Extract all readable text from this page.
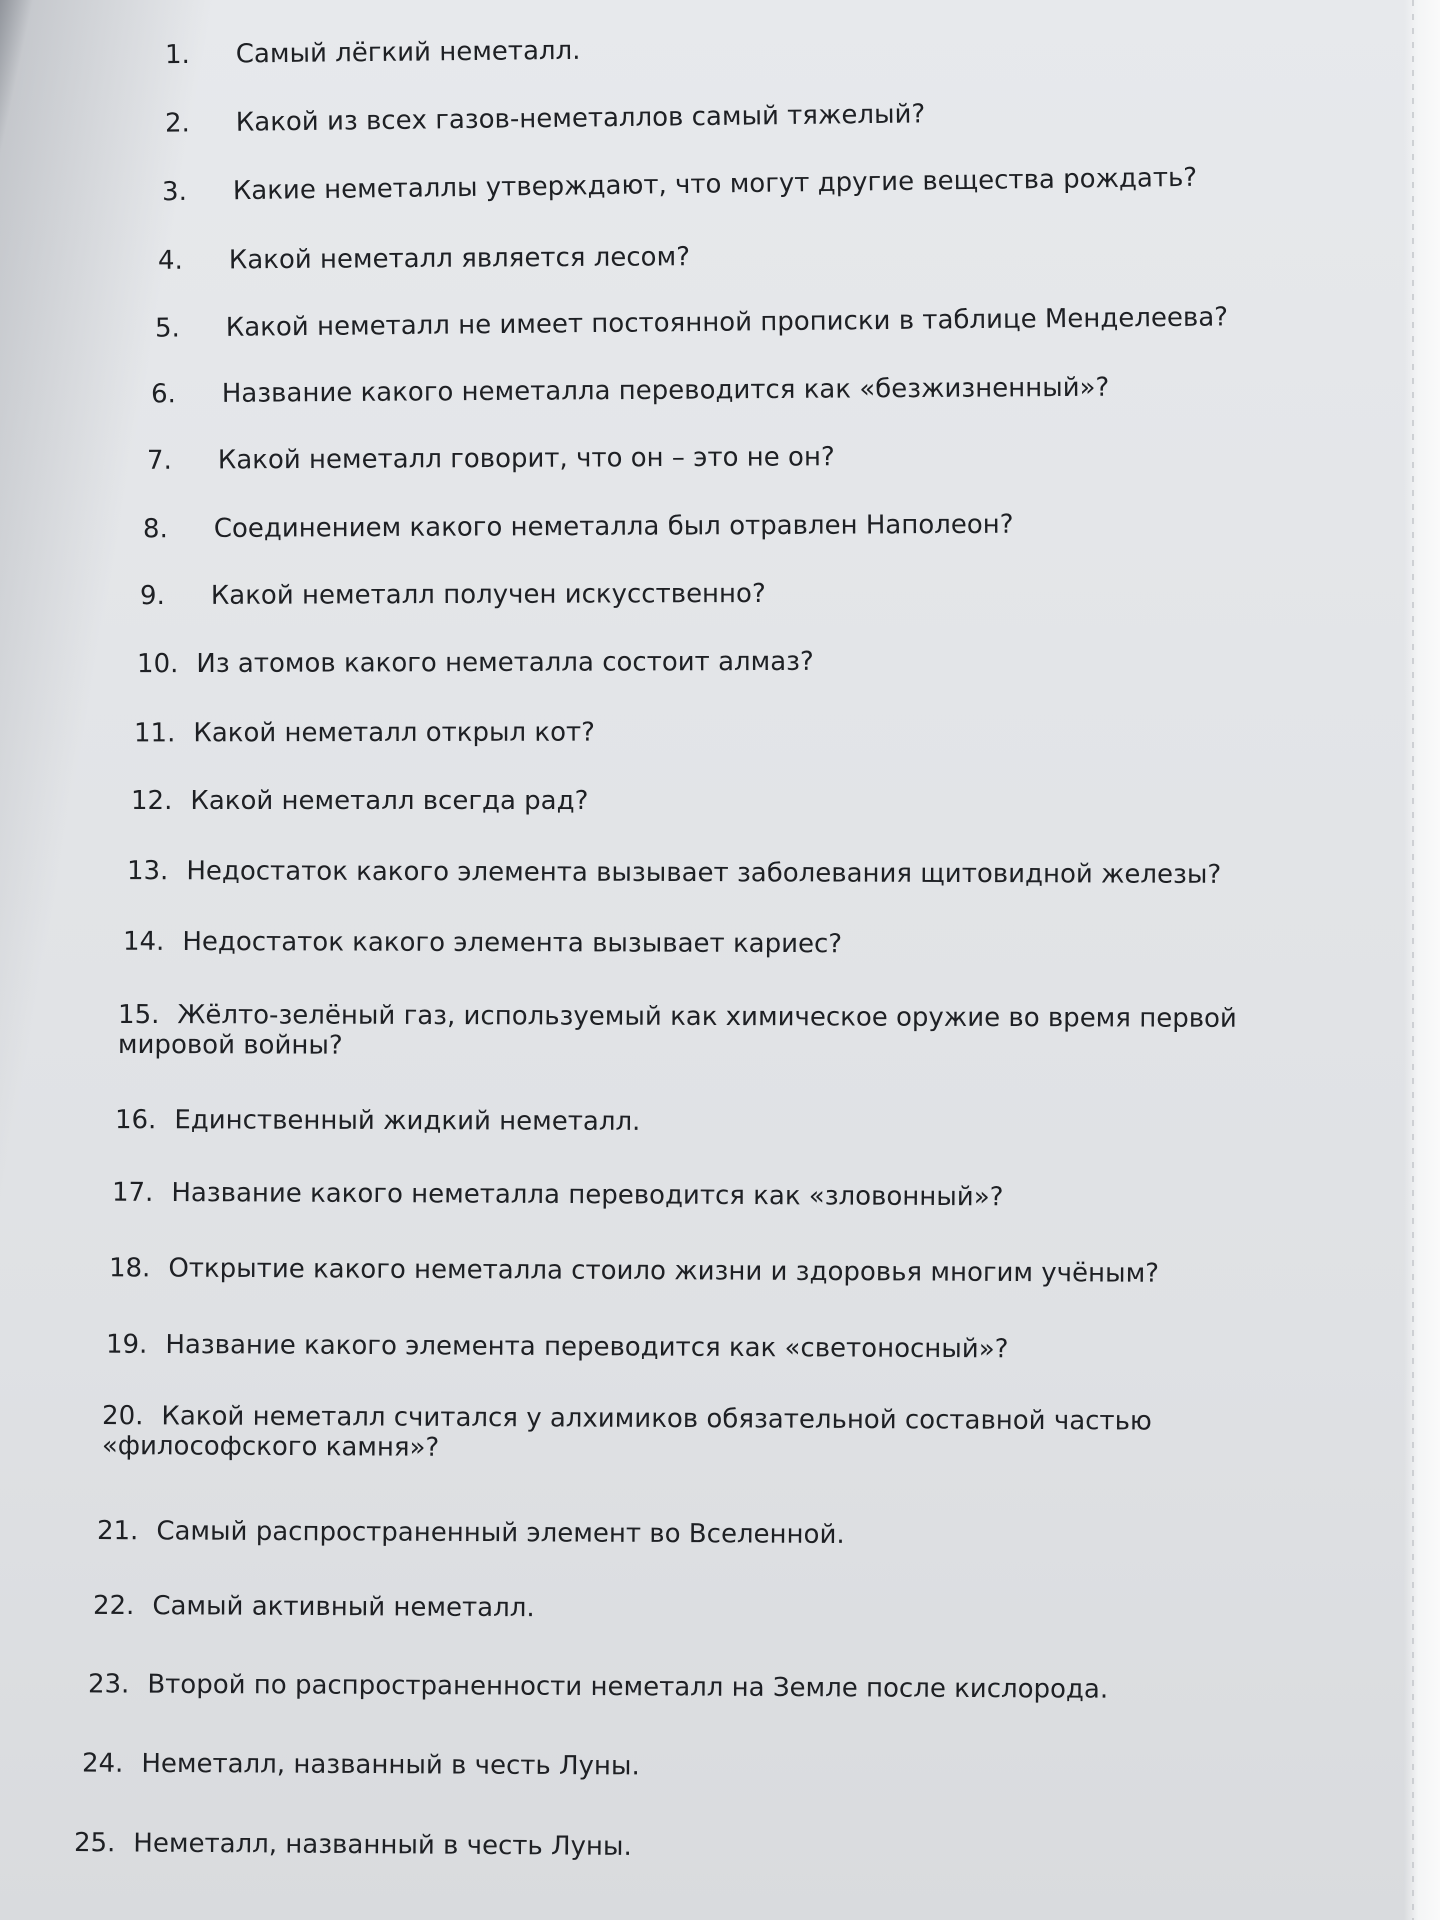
1. Самый лёгкий неметалл.
2. Какой из всех газов-неметаллов самый тяжелый?
3. Какие неметаллы утверждают, что могут другие вещества рождать?
4. Какой неметалл является лесом?
5. Какой неметалл не имеет постоянной прописки в таблице Менделеева?
6. Название какого неметалла переводится как «безжизненный»?
7. Какой неметалл говорит, что он – это не он?
8. Соединением какого неметалла был отравлен Наполеон?
9. Какой неметалл получен искусственно?
10. Из атомов какого неметалла состоит алмаз?
11. Какой неметалл открыл кот?
12. Какой неметалл всегда рад?
13. Недостаток какого элемента вызывает заболевания щитовидной железы?
14. Недостаток какого элемента вызывает кариес?
15. Жёлто-зелёный газ, используемый как химическое оружие во время первой мировой войны?
16. Единственный жидкий неметалл.
17. Название какого неметалла переводится как «зловонный»?
18. Открытие какого неметалла стоило жизни и здоровья многим учёным?
19. Название какого элемента переводится как «светоносный»?
20. Какой неметалл считался у алхимиков обязательной составной частью «философского камня»?
21. Самый распространенный элемент во Вселенной.
22. Самый активный неметалл.
23. Второй по распространенности неметалл на Земле после кислорода.
24. Неметалл, названный в честь Луны.
25. Неметалл, названный в честь Луны.
